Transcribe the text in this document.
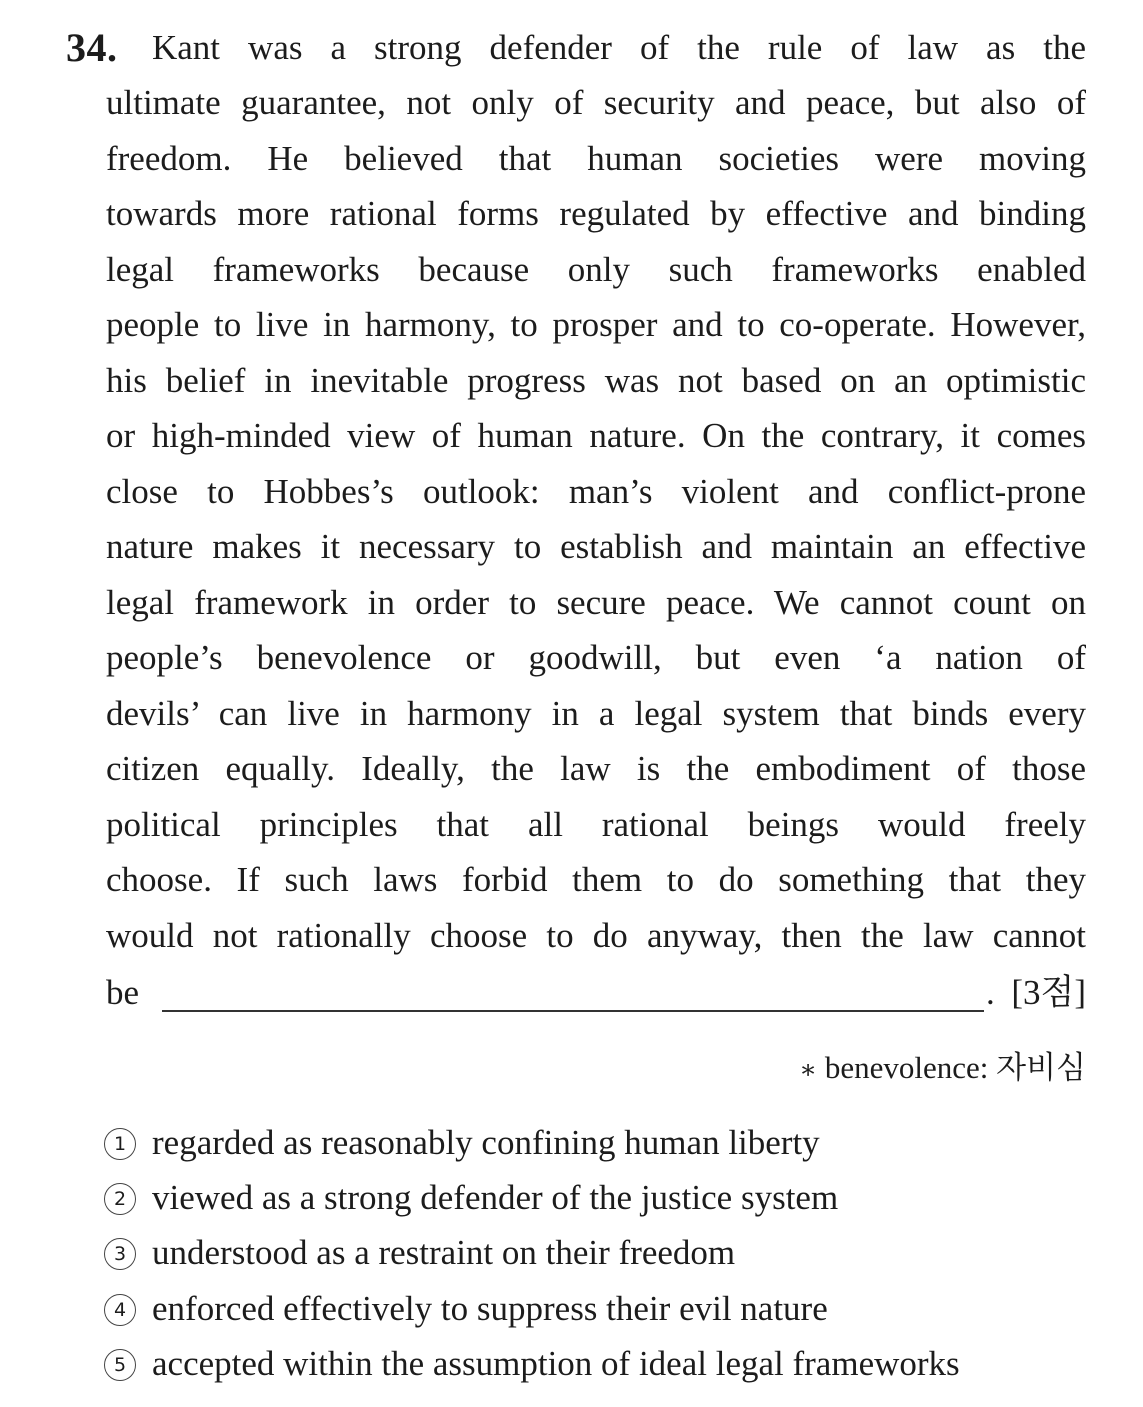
34. Kant was a strong defender of the rule of law as the
ultimate guarantee, not only of security and peace, but also of
freedom. He believed that human societies were moving
towards more rational forms regulated by effective and binding
legal frameworks because only such frameworks enabled
people to live in harmony, to prosper and to co-operate. However,
his belief in inevitable progress was not based on an optimistic
or high-minded view of human nature. On the contrary, it comes
close to Hobbes’s outlook: man’s violent and conflict-prone
nature makes it necessary to establish and maintain an effective
legal framework in order to secure peace. We cannot count on
people’s benevolence or goodwill, but even ‘a nation of
devils’ can live in harmony in a legal system that binds every
citizen equally. Ideally, the law is the embodiment of those
political principles that all rational beings would freely
choose. If such laws forbid them to do something that they
would not rationally choose to do anyway, then the law cannot
be	. [3점]
∗ benevolence: 자비심
1 regarded as reasonably confining human liberty
2 viewed as a strong defender of the justice system
3 understood as a restraint on their freedom
4 enforced effectively to suppress their evil nature
5 accepted within the assumption of ideal legal frameworks
